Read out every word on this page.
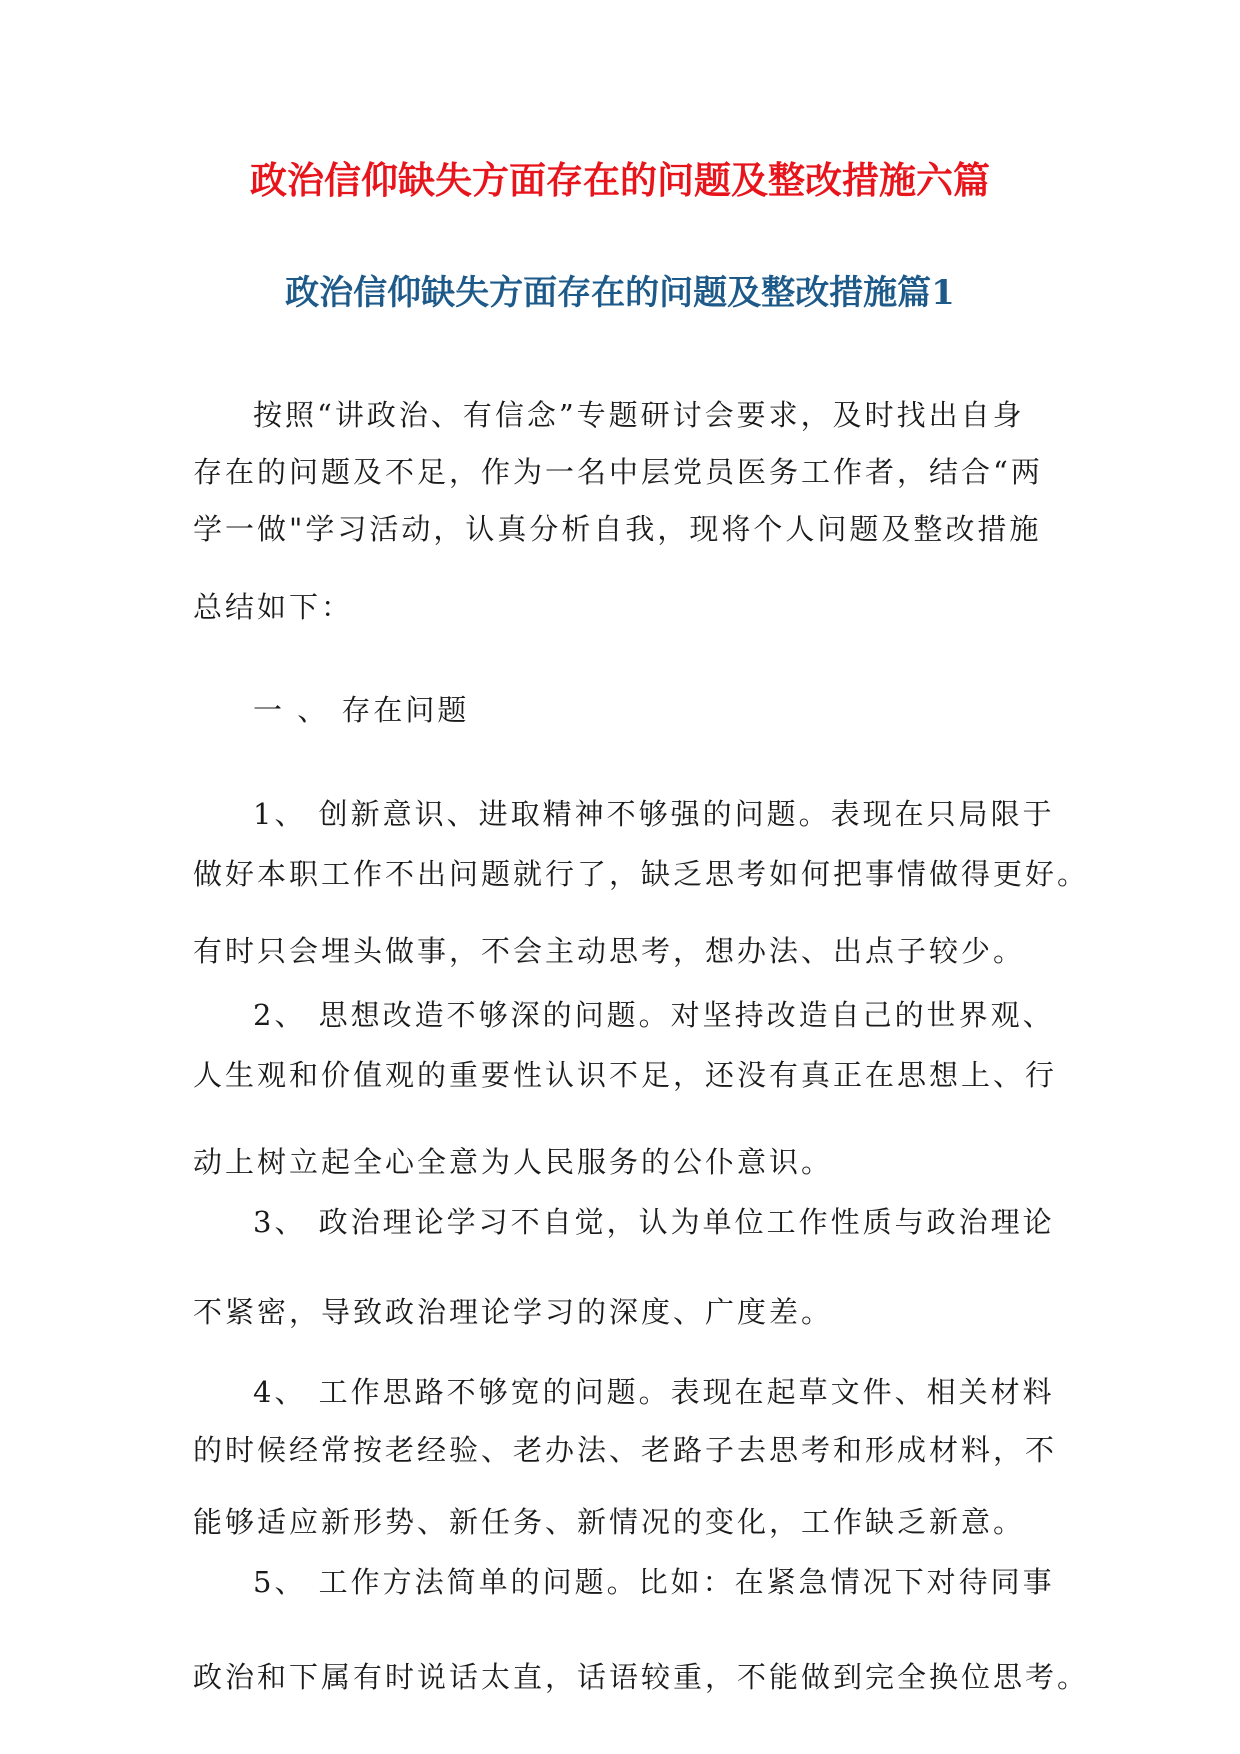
政治信仰缺失方面存在的问题及整改措施六篇
政治信仰缺失方面存在的问题及整改措施篇1
按照“讲政治、有信念”专题研讨会要求，及时找出自身
存在的问题及不足，作为一名中层党员医务工作者，结合“两
学一做"学习活动，认真分析自我，现将个人问题及整改措施
总结如下：
一 、 存在问题
1、 创新意识、进取精神不够强的问题。表现在只局限于
做好本职工作不出问题就行了，缺乏思考如何把事情做得更好。
有时只会埋头做事，不会主动思考，想办法、出点子较少。
2、 思想改造不够深的问题。对坚持改造自己的世界观、
人生观和价值观的重要性认识不足，还没有真正在思想上、行
动上树立起全心全意为人民服务的公仆意识。
3、 政治理论学习不自觉，认为单位工作性质与政治理论
不紧密，导致政治理论学习的深度、广度差。
4、 工作思路不够宽的问题。表现在起草文件、相关材料
的时候经常按老经验、老办法、老路子去思考和形成材料，不
能够适应新形势、新任务、新情况的变化，工作缺乏新意。
5、 工作方法简单的问题。比如：在紧急情况下对待同事
政治和下属有时说话太直，话语较重，不能做到完全换位思考。
